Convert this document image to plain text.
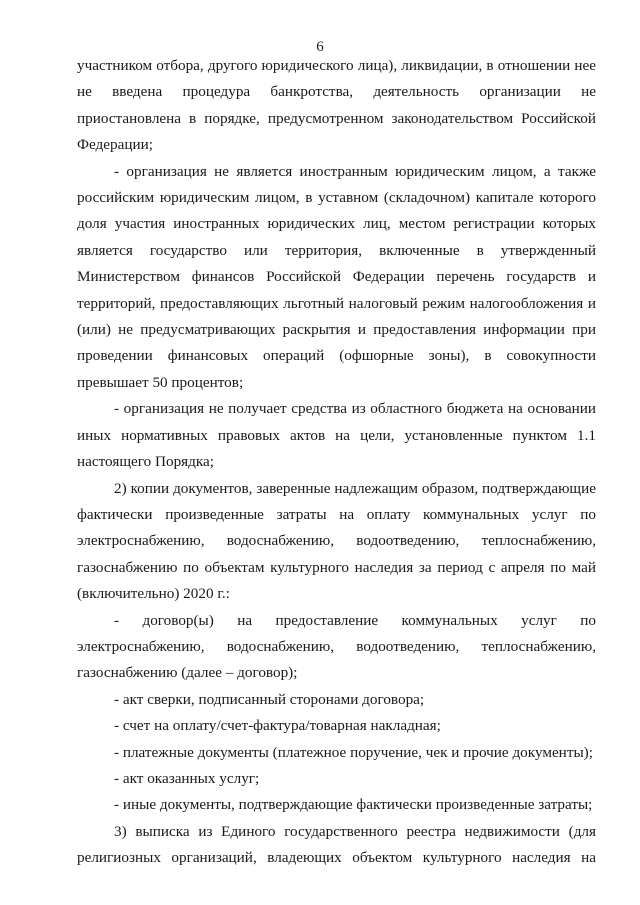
6

участником отбора, другого юридического лица), ликвидации, в отношении нее не введена процедура банкротства, деятельность организации не приостановлена в порядке, предусмотренном законодательством Российской Федерации;

- организация не является иностранным юридическим лицом, а также российским юридическим лицом, в уставном (складочном) капитале которого доля участия иностранных юридических лиц, местом регистрации которых является государство или территория, включенные в утвержденный Министерством финансов Российской Федерации перечень государств и территорий, предоставляющих льготный налоговый режим налогообложения и (или) не предусматривающих раскрытия и предоставления информации при проведении финансовых операций (офшорные зоны), в совокупности превышает 50 процентов;

- организация не получает средства из областного бюджета на основании иных нормативных правовых актов на цели, установленные пунктом 1.1 настоящего Порядка;

2) копии документов, заверенные надлежащим образом, подтверждающие фактически произведенные затраты на оплату коммунальных услуг по электроснабжению, водоснабжению, водоотведению, теплоснабжению, газоснабжению по объектам культурного наследия за период с апреля по май (включительно) 2020 г.:

- договор(ы) на предоставление коммунальных услуг по электроснабжению, водоснабжению, водоотведению, теплоснабжению, газоснабжению (далее – договор);

- акт сверки, подписанный сторонами договора;

- счет на оплату/счет-фактура/товарная накладная;

- платежные документы (платежное поручение, чек и прочие документы);

- акт оказанных услуг;

- иные документы, подтверждающие фактически произведенные затраты;

3) выписка из Единого государственного реестра недвижимости (для религиозных организаций, владеющих объектом культурного наследия на
